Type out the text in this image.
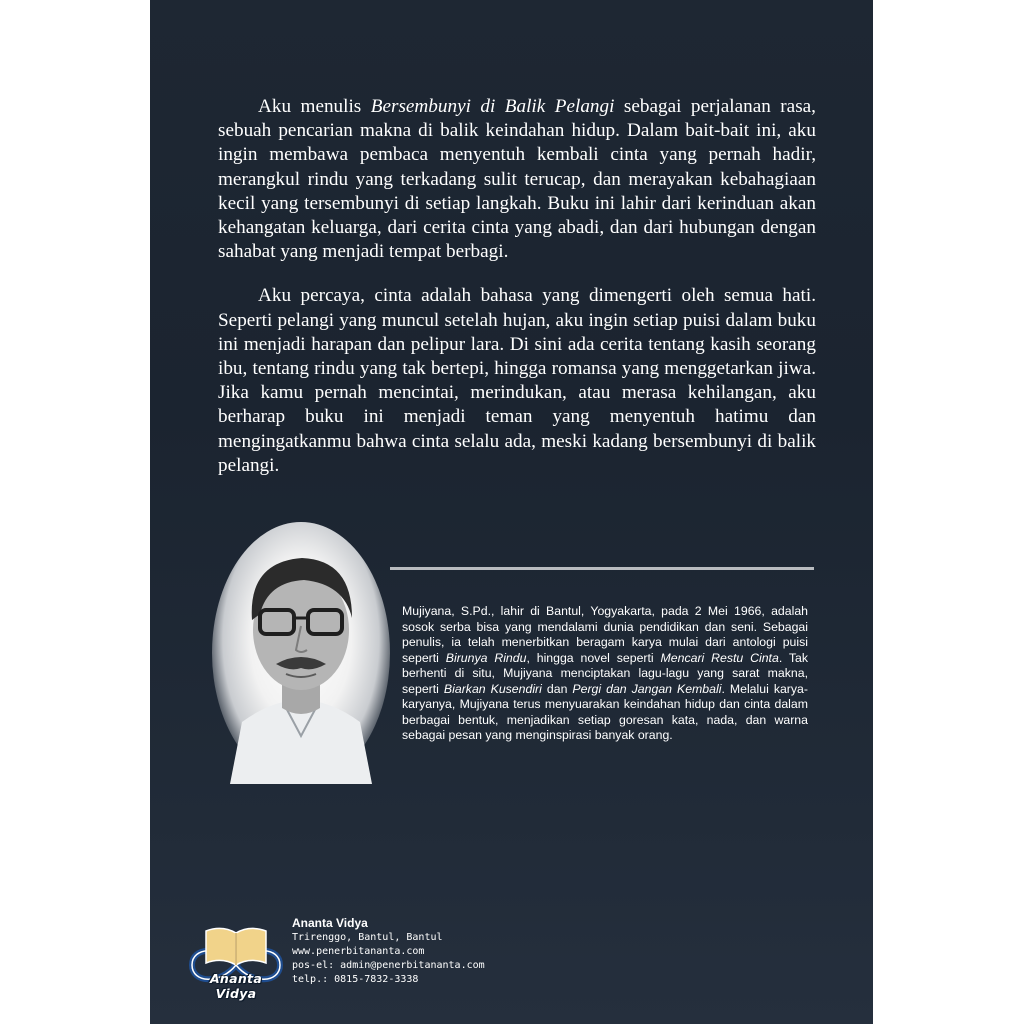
Aku menulis Bersembunyi di Balik Pelangi sebagai perjalanan rasa, sebuah pencarian makna di balik keindahan hidup. Dalam bait-bait ini, aku ingin membawa pembaca menyentuh kembali cinta yang pernah hadir, merangkul rindu yang terkadang sulit terucap, dan merayakan kebahagiaan kecil yang tersembunyi di setiap langkah. Buku ini lahir dari kerinduan akan kehangatan keluarga, dari cerita cinta yang abadi, dan dari hubungan dengan sahabat yang menjadi tempat berbagi.

Aku percaya, cinta adalah bahasa yang dimengerti oleh semua hati. Seperti pelangi yang muncul setelah hujan, aku ingin setiap puisi dalam buku ini menjadi harapan dan pelipur lara. Di sini ada cerita tentang kasih seorang ibu, tentang rindu yang tak bertepi, hingga romansa yang menggetarkan jiwa. Jika kamu pernah mencintai, merindukan, atau merasa kehilangan, aku berharap buku ini menjadi teman yang menyentuh hatimu dan mengingatkanmu bahwa cinta selalu ada, meski kadang bersembunyi di balik pelangi.

Mujiyana, S.Pd., lahir di Bantul, Yogyakarta, pada 2 Mei 1966, adalah sosok serba bisa yang mendalami dunia pendidikan dan seni. Sebagai penulis, ia telah menerbitkan beragam karya mulai dari antologi puisi seperti Birunya Rindu, hingga novel seperti Mencari Restu Cinta. Tak berhenti di situ, Mujiyana menciptakan lagu-lagu yang sarat makna, seperti Biarkan Kusendiri dan Pergi dan Jangan Kembali. Melalui karya-karyanya, Mujiyana terus menyuarakan keindahan hidup dan cinta dalam berbagai bentuk, menjadikan setiap goresan kata, nada, dan warna sebagai pesan yang menginspirasi banyak orang.
Ananta Vidya
Ananta Vidya
Trirenggo, Bantul, Bantul
www.penerbitananta.com
pos-el: admin@penerbitananta.com
telp.: 0815-7832-3338
